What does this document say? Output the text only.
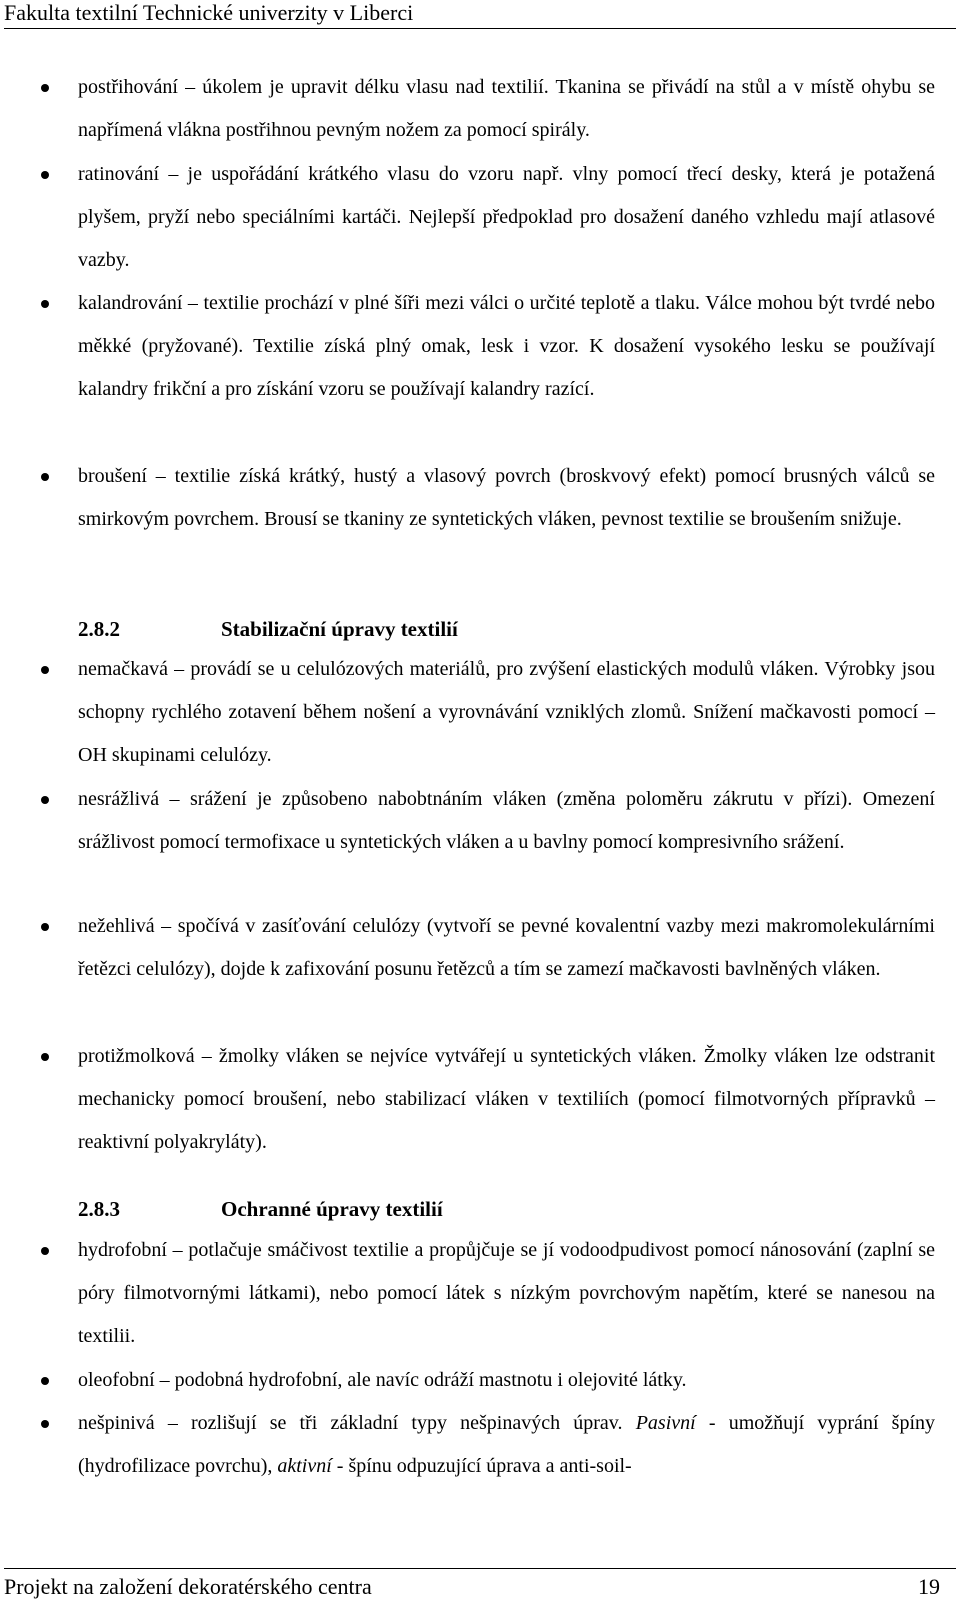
Fakulta textilní Technické univerzity v Liberci

postřihování – úkolem je upravit délku vlasu nad textilií. Tkanina se přivádí na stůl a v místě ohybu se napřímená vlákna postřihnou pevným nožem za pomocí spirály.

ratinování – je uspořádání krátkého vlasu do vzoru např. vlny pomocí třecí desky, která je potažená plyšem, pryží nebo speciálními kartáči. Nejlepší předpoklad pro dosažení daného vzhledu mají atlasové vazby.

kalandrování – textilie prochází v plné šíři mezi válci o určité teplotě a tlaku. Válce mohou být tvrdé nebo měkké (pryžované). Textilie získá plný omak, lesk i vzor. K dosažení vysokého lesku se používají kalandry frikční a pro získání vzoru se používají kalandry razící.

broušení – textilie získá krátký, hustý a vlasový povrch (broskvový efekt) pomocí brusných válců se smirkovým povrchem. Brousí se tkaniny ze syntetických vláken, pevnost textilie se broušením snižuje.

2.8.2	Stabilizační úpravy textilií

nemačkavá – provádí se u celulózových materiálů, pro zvýšení elastických modulů vláken. Výrobky jsou schopny rychlého zotavení během nošení a vyrovnávání vzniklých zlomů. Snížení mačkavosti pomocí –OH skupinami celulózy.

nesrážlivá – srážení je způsobeno nabobtnáním vláken (změna poloměru zákrutu v přízi). Omezení srážlivost pomocí termofixace u syntetických vláken a u bavlny pomocí kompresivního srážení.

nežehlivá – spočívá v zasíťování celulózy (vytvoří se pevné kovalentní vazby mezi makromolekulárními řetězci celulózy), dojde k zafixování posunu řetězců a tím se zamezí mačkavosti bavlněných vláken.

protižmolková – žmolky vláken se nejvíce vytvářejí u syntetických vláken. Žmolky vláken lze odstranit mechanicky pomocí broušení, nebo stabilizací vláken v textiliích (pomocí filmotvorných přípravků – reaktivní polyakryláty).

2.8.3	Ochranné úpravy textilií

hydrofobní – potlačuje smáčivost textilie a propůjčuje se jí vodoodpudivost pomocí nánosování (zaplní se póry filmotvornými látkami), nebo pomocí látek s nízkým povrchovým napětím, které se nanesou na textilii.

oleofobní – podobná hydrofobní, ale navíc odráží mastnotu i olejovité látky.

nešpinivá – rozlišují se tři základní typy nešpinavých úprav. Pasivní - umožňují vyprání špíny (hydrofilizace povrchu), aktivní - špínu odpuzující úprava a anti-soil-

Projekt na založení dekoratérského centra	19
